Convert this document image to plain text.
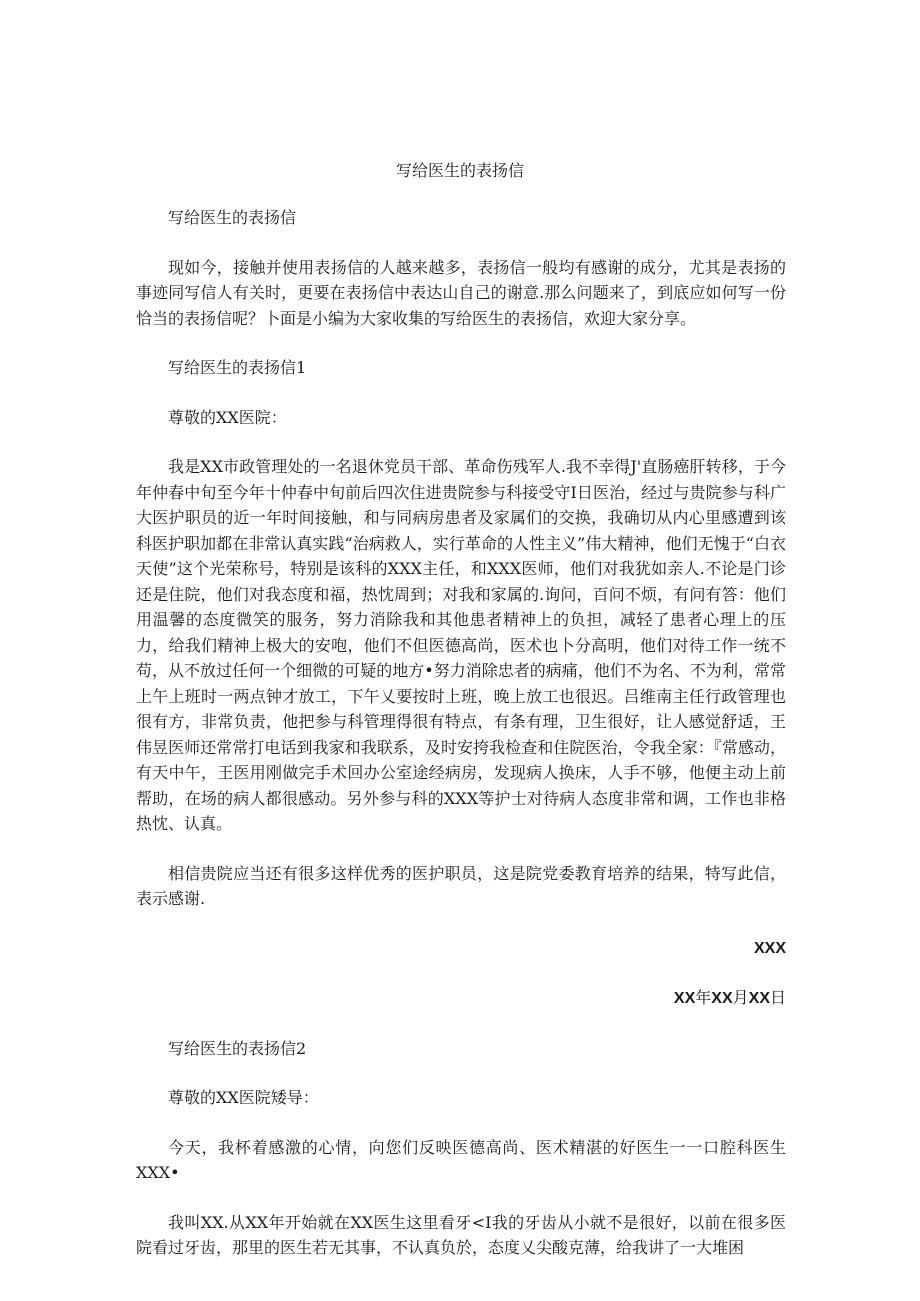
写给医生的表扬信

写给医生的表扬信

现如今，接触并使用表扬信的人越来越多，表扬信一般均有感谢的成分，尤其是表扬的事迹同写信人有关时，更要在表扬信中表达山自己的谢意.那么问题来了，到底应如何写一份恰当的表扬信呢？卜面是小编为大家收集的写给医生的表扬信，欢迎大家分享。

写给医生的表扬信1

尊敬的XX医院：

我是XX市政管理处的一名退休党员干部、革命伤残军人.我不幸得J'直肠癌肝转移，于今年仲春中旬至今年十仲春中旬前后四次住进贵院参与科接受守I日医治，经过与贵院参与科广大医护职员的近一年时间接触，和与同病房患者及家属们的交换，我确切从内心里感遭到该科医护职加都在非常认真实践“治病救人，实行革命的人性主义”伟大精神，他们无愧于“白衣天使”这个光荣称号，特别是该科的XXX主任，和XXX医师，他们对我犹如亲人.不论是门诊还是住院，他们对我态度和福，热忱周到；对我和家属的.询问，百问不烦，有问有答：他们用温馨的态度微笑的服务，努力消除我和其他患者精神上的负担，减轻了患者心理上的压力，给我们精神上极大的安咆，他们不但医德高尚，医术也卜分高明，他们对待工作一统不苟，从不放过任何一个细微的可疑的地方•努力消除忠者的病痛，他们不为名、不为利，常常上午上班时一两点钟才放工，下午乂要按时上班，晚上放工也很迟。吕维南主任行政管理也很有方，非常负责，他把参与科管理得很有特点，有条有理，卫生很好，让人感觉舒适，王伟昱医师还常常打电话到我家和我联系，及时安挎我检查和住院医治，令我全家：『常感动，有天中午，王医用刚做完手术回办公室途经病房，发现病人换床，人手不够，他便主动上前帮助，在场的病人都很感动。另外参与科的XXX等护士对待病人态度非常和调，工作也非格热忱、认真。

相信贵院应当还有很多这样优秀的医护职员，这是院党委教育培养的结果，特写此信，表示感谢.

XXX

XX年XX月XX日

写给医生的表扬信2

尊敬的XX医院矮导：

今天，我杯着感激的心情，向您们反映医德高尚、医术精湛的好医生一一口腔科医生XXX•

我叫XX.从XX年开始就在XX医生这里看牙<I我的牙齿从小就不是很好，以前在很多医院看过牙齿，那里的医生若无其事，不认真负於，态度乂尖酸克薄，给我讲了一大堆困
